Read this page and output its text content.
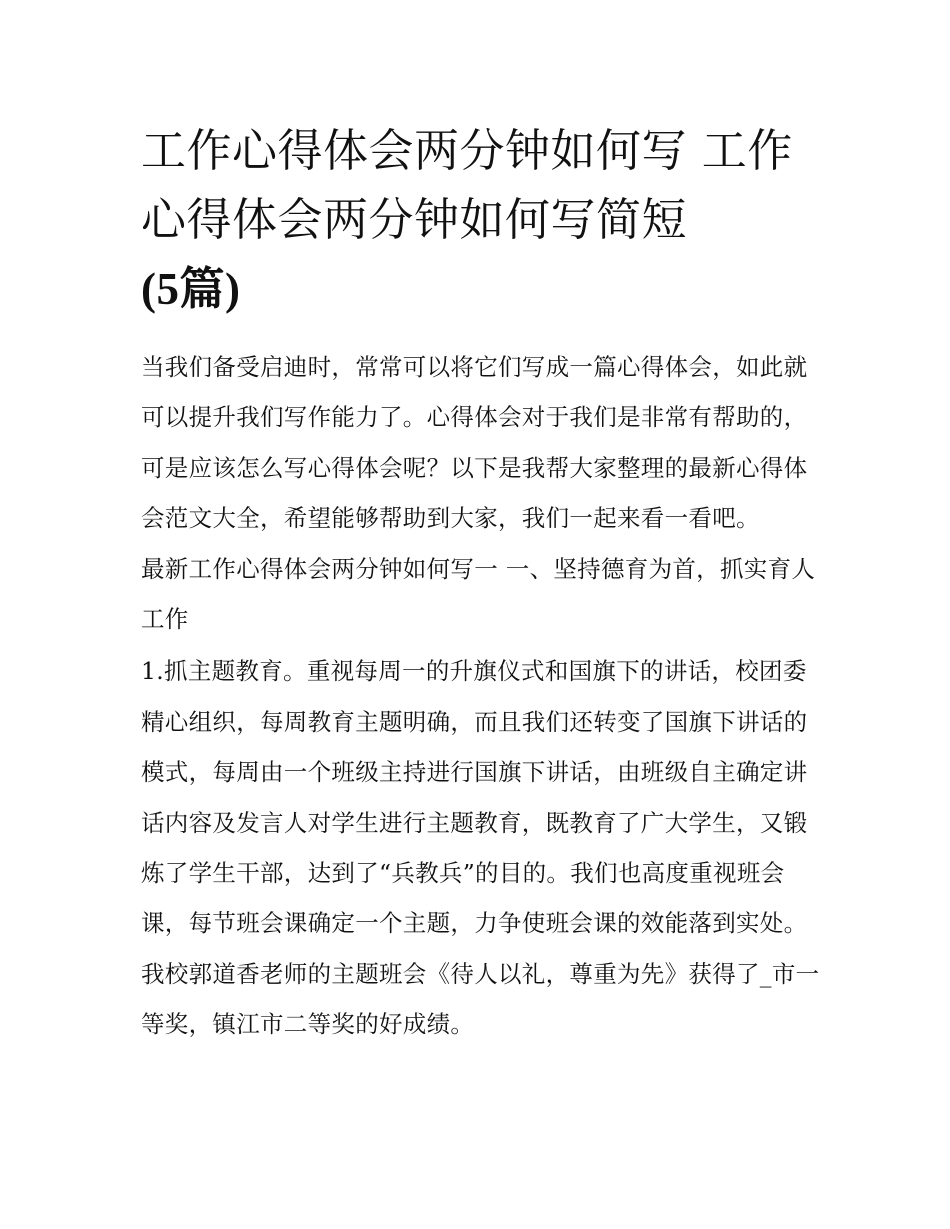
工作心得体会两分钟如何写 工作心得体会两分钟如何写简短
(5篇)

当我们备受启迪时，常常可以将它们写成一篇心得体会，如此就可以提升我们写作能力了。心得体会对于我们是非常有帮助的，可是应该怎么写心得体会呢？以下是我帮大家整理的最新心得体会范文大全，希望能够帮助到大家，我们一起来看一看吧。

最新工作心得体会两分钟如何写一 一、坚持德育为首，抓实育人工作

1.抓主题教育。重视每周一的升旗仪式和国旗下的讲话，校团委精心组织，每周教育主题明确，而且我们还转变了国旗下讲话的模式，每周由一个班级主持进行国旗下讲话，由班级自主确定讲话内容及发言人对学生进行主题教育，既教育了广大学生，又锻炼了学生干部，达到了“兵教兵”的目的。我们也高度重视班会课，每节班会课确定一个主题，力争使班会课的效能落到实处。我校郭道香老师的主题班会《待人以礼，尊重为先》获得了_市一等奖，镇江市二等奖的好成绩。
